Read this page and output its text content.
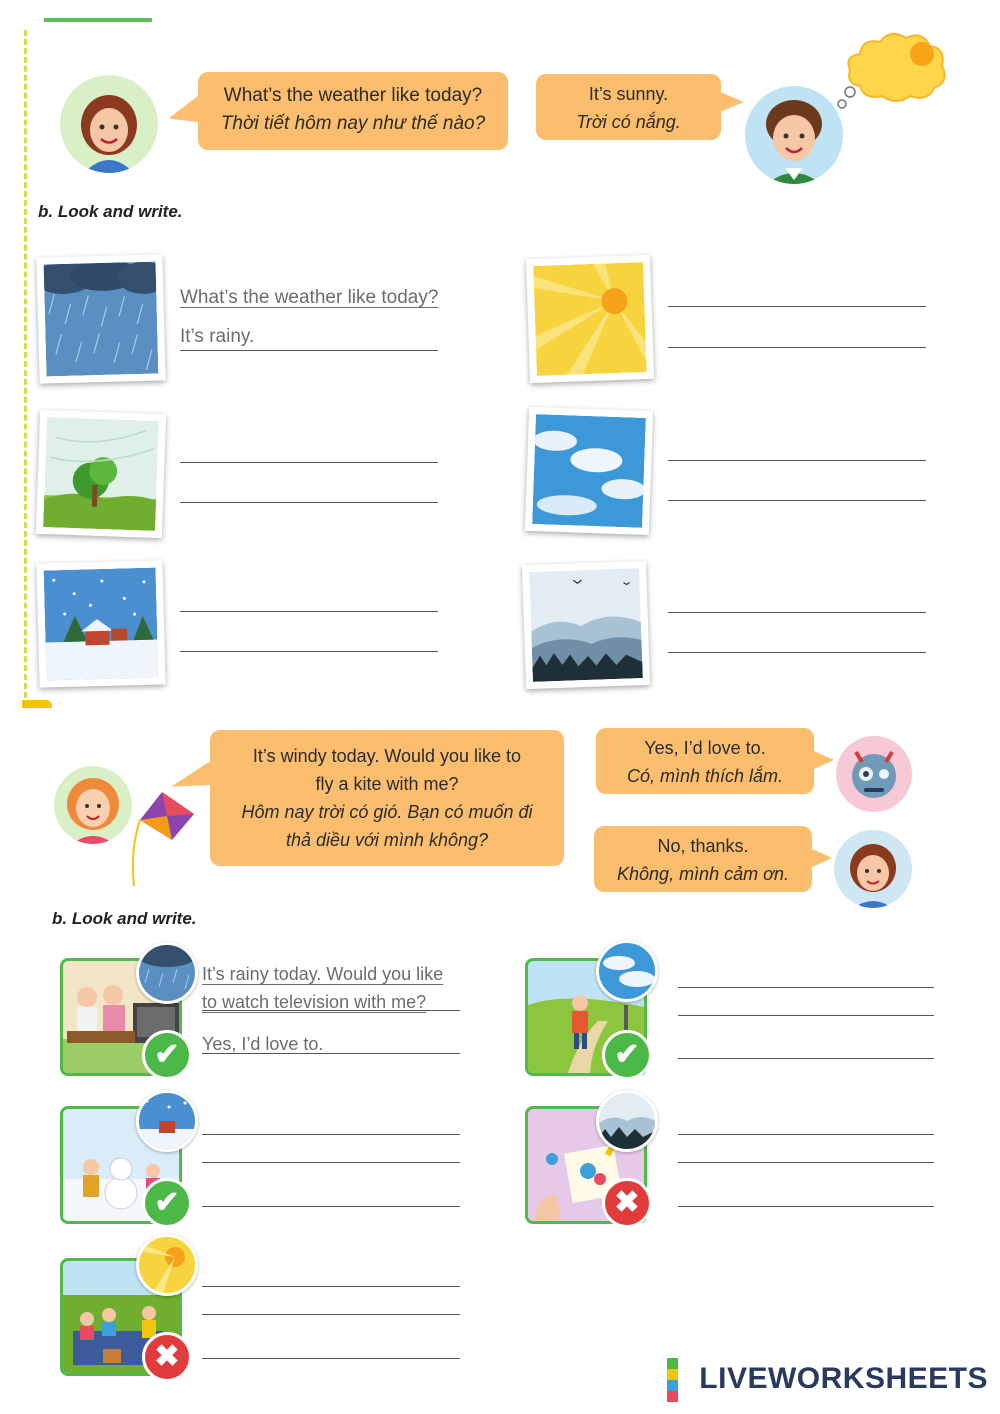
What’s the weather like today?
Thời tiết hôm nay như thế nào?
It’s sunny.
Trời có nắng.
b. Look and write.
What’s the weather like today?
It’s rainy.
It’s windy today. Would you like to
fly a kite with me?
Hôm nay trời có gió. Bạn có muốn đi
thả diều với mình không?
Yes, I’d love to.
Có, mình thích lắm.
No, thanks.
Không, mình cảm ơn.
b. Look and write.
✔
It’s rainy today. Would you like
to watch television with me?
Yes, I’d love to.	✔
✔	✖
✖

LIVEWORKSHEETS
